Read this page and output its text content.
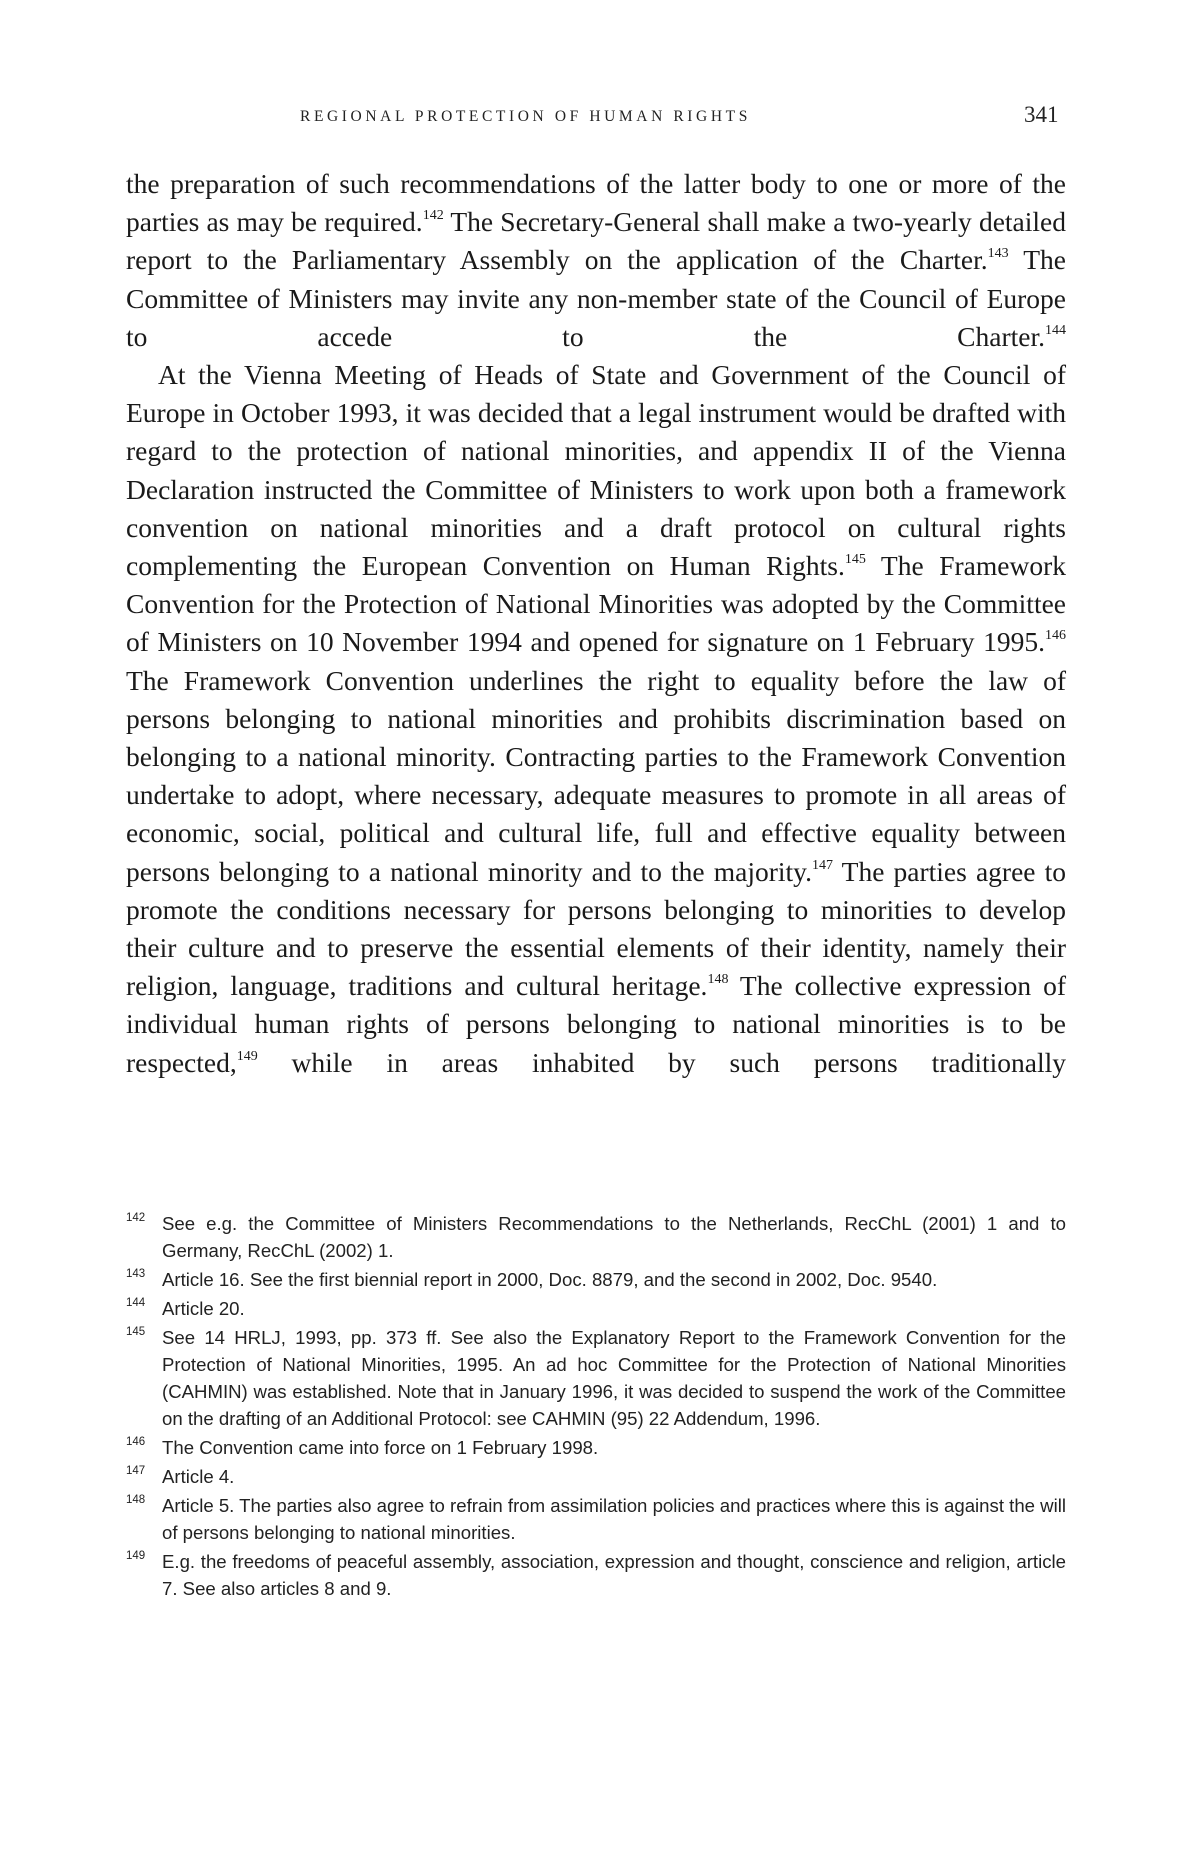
REGIONAL PROTECTION OF HUMAN RIGHTS	341

the preparation of such recommendations of the latter body to one or more of the parties as may be required.$^{142}$ The Secretary-General shall make a two-yearly detailed report to the Parliamentary Assembly on the application of the Charter.$^{143}$ The Committee of Ministers may invite any non-member state of the Council of Europe to accede to the Charter.$^{144}$

At the Vienna Meeting of Heads of State and Government of the Council of Europe in October 1993, it was decided that a legal instrument would be drafted with regard to the protection of national minorities, and appendix II of the Vienna Declaration instructed the Committee of Ministers to work upon both a framework convention on national minorities and a draft protocol on cultural rights complementing the European Convention on Human Rights.$^{145}$ The Framework Convention for the Protection of National Minorities was adopted by the Committee of Ministers on 10 November 1994 and opened for signature on 1 February 1995.$^{146}$ The Framework Convention underlines the right to equality before the law of persons belonging to national minorities and prohibits discrimination based on belonging to a national minority. Contracting parties to the Framework Convention undertake to adopt, where necessary, adequate measures to promote in all areas of economic, social, political and cultural life, full and effective equality between persons belonging to a national minority and to the majority.$^{147}$ The parties agree to promote the conditions necessary for persons belonging to minorities to develop their culture and to preserve the essential elements of their identity, namely their religion, language, traditions and cultural heritage.$^{148}$ The collective expression of individual human rights of persons belonging to national minorities is to be respected,$^{149}$ while in areas inhabited by such persons traditionally

142 See e.g. the Committee of Ministers Recommendations to the Netherlands, RecChL (2001) 1 and to Germany, RecChL (2002) 1.

143 Article 16. See the first biennial report in 2000, Doc. 8879, and the second in 2002, Doc. 9540.

144 Article 20.

145 See 14 HRLJ, 1993, pp. 373 ff. See also the Explanatory Report to the Framework Convention for the Protection of National Minorities, 1995. An ad hoc Committee for the Protection of National Minorities (CAHMIN) was established. Note that in January 1996, it was decided to suspend the work of the Committee on the drafting of an Additional Protocol: see CAHMIN (95) 22 Addendum, 1996.

146 The Convention came into force on 1 February 1998.

147 Article 4.

148 Article 5. The parties also agree to refrain from assimilation policies and practices where this is against the will of persons belonging to national minorities.

149 E.g. the freedoms of peaceful assembly, association, expression and thought, conscience and religion, article 7. See also articles 8 and 9.
